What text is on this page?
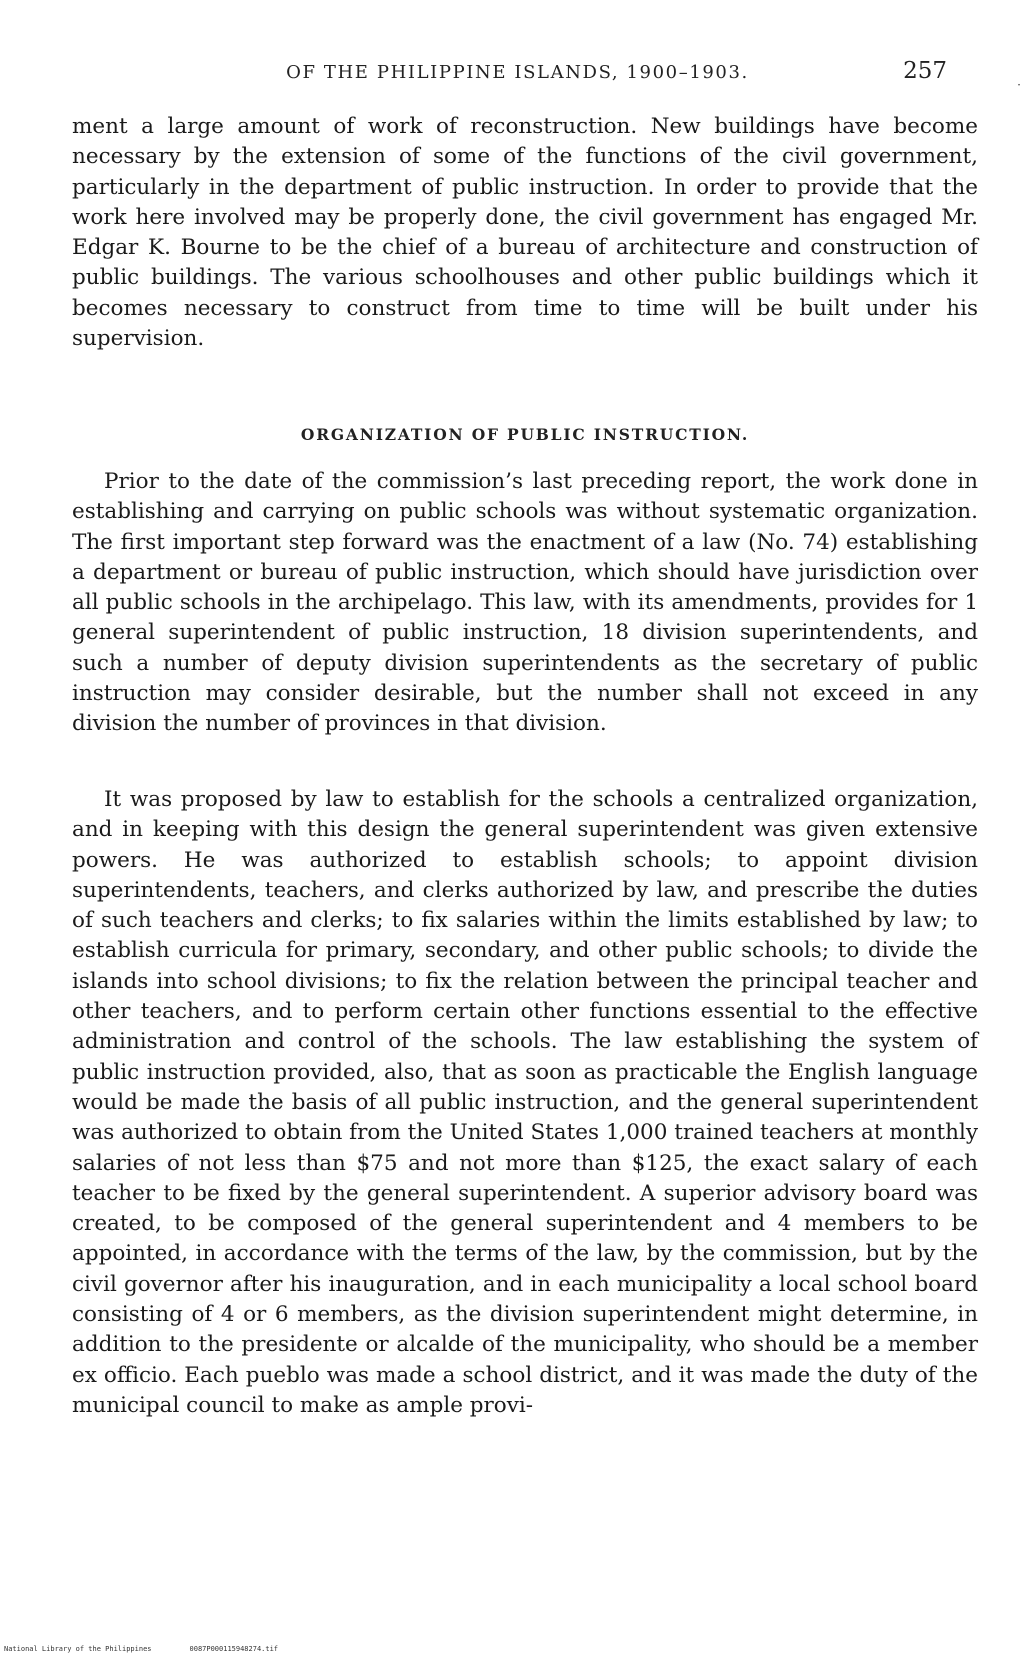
OF THE PHILIPPINE ISLANDS, 1900–1903.	257
·

ment a large amount of work of reconstruction. New buildings have become necessary by the extension of some of the functions of the civil government, particularly in the department of public instruction. In order to provide that the work here involved may be properly done, the civil government has engaged Mr. Edgar K. Bourne to be the chief of a bureau of architecture and construction of public buildings. The various schoolhouses and other public buildings which it becomes necessary to construct from time to time will be built under his supervision.

ORGANIZATION OF PUBLIC INSTRUCTION.

Prior to the date of the commission’s last preceding report, the work done in establishing and carrying on public schools was without systematic organization. The first important step forward was the enactment of a law (No. 74) establishing a department or bureau of public instruction, which should have jurisdiction over all public schools in the archipelago. This law, with its amendments, provides for 1 general superintendent of public instruction, 18 division superintendents, and such a number of deputy division superintendents as the secretary of public instruction may consider desirable, but the number shall not exceed in any division the number of provinces in that division.

It was proposed by law to establish for the schools a centralized organization, and in keeping with this design the general superintendent was given extensive powers. He was authorized to establish schools; to appoint division superintendents, teachers, and clerks authorized by law, and prescribe the duties of such teachers and clerks; to fix salaries within the limits established by law; to establish curricula for primary, secondary, and other public schools; to divide the islands into school divisions; to fix the relation between the principal teacher and other teachers, and to perform certain other functions essential to the effective administration and control of the schools. The law establishing the system of public instruction provided, also, that as soon as practicable the English language would be made the basis of all public instruction, and the general superintendent was authorized to obtain from the United States 1,000 trained teachers at monthly salaries of not less than $75 and not more than $125, the exact salary of each teacher to be fixed by the general superintendent. A superior advisory board was created, to be composed of the general superintendent and 4 members to be appointed, in accordance with the terms of the law, by the commission, but by the civil governor after his inauguration, and in each municipality a local school board consisting of 4 or 6 members, as the division superintendent might determine, in addition to the presidente or alcalde of the municipality, who should be a member ex officio. Each pueblo was made a school district, and it was made the duty of the municipal council to make as ample provi-

National Library of the Philippines	0087P000115948274.tif
